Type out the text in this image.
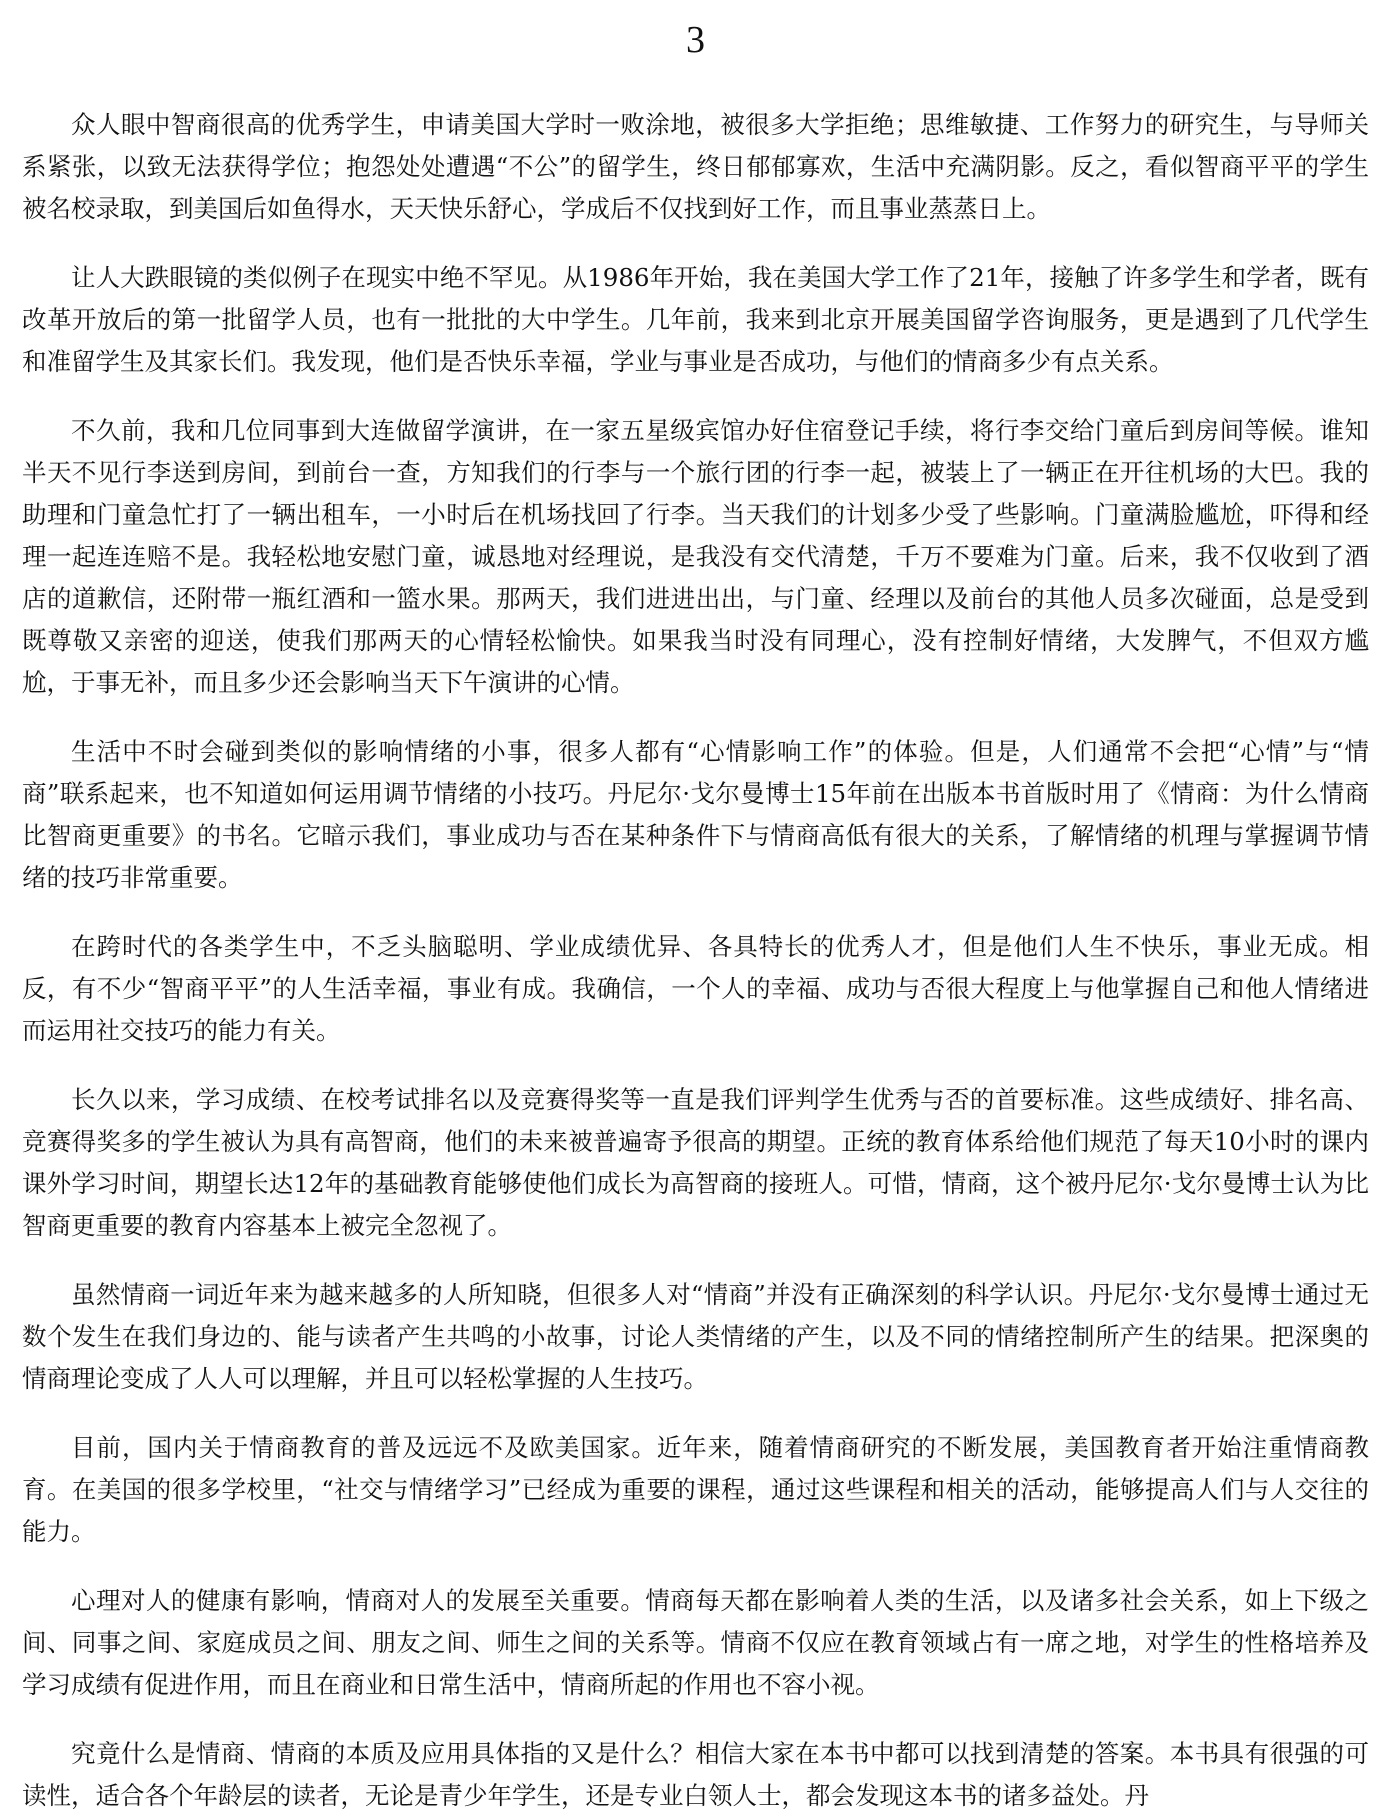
3

众人眼中智商很高的优秀学生，申请美国大学时一败涂地，被很多大学拒绝；思维敏捷、工作努力的研究生，与导师关系紧张，以致无法获得学位；抱怨处处遭遇“不公”的留学生，终日郁郁寡欢，生活中充满阴影。反之，看似智商平平的学生被名校录取，到美国后如鱼得水，天天快乐舒心，学成后不仅找到好工作，而且事业蒸蒸日上。

让人大跌眼镜的类似例子在现实中绝不罕见。从1986年开始，我在美国大学工作了21年，接触了许多学生和学者，既有改革开放后的第一批留学人员，也有一批批的大中学生。几年前，我来到北京开展美国留学咨询服务，更是遇到了几代学生和准留学生及其家长们。我发现，他们是否快乐幸福，学业与事业是否成功，与他们的情商多少有点关系。

不久前，我和几位同事到大连做留学演讲，在一家五星级宾馆办好住宿登记手续，将行李交给门童后到房间等候。谁知半天不见行李送到房间，到前台一查，方知我们的行李与一个旅行团的行李一起，被装上了一辆正在开往机场的大巴。我的助理和门童急忙打了一辆出租车，一小时后在机场找回了行李。当天我们的计划多少受了些影响。门童满脸尴尬，吓得和经理一起连连赔不是。我轻松地安慰门童，诚恳地对经理说，是我没有交代清楚，千万不要难为门童。后来，我不仅收到了酒店的道歉信，还附带一瓶红酒和一篮水果。那两天，我们进进出出，与门童、经理以及前台的其他人员多次碰面，总是受到既尊敬又亲密的迎送，使我们那两天的心情轻松愉快。如果我当时没有同理心，没有控制好情绪，大发脾气，不但双方尴尬，于事无补，而且多少还会影响当天下午演讲的心情。

生活中不时会碰到类似的影响情绪的小事，很多人都有“心情影响工作”的体验。但是，人们通常不会把“心情”与“情商”联系起来，也不知道如何运用调节情绪的小技巧。丹尼尔·戈尔曼博士15年前在出版本书首版时用了《情商：为什么情商比智商更重要》的书名。它暗示我们，事业成功与否在某种条件下与情商高低有很大的关系，了解情绪的机理与掌握调节情绪的技巧非常重要。

在跨时代的各类学生中，不乏头脑聪明、学业成绩优异、各具特长的优秀人才，但是他们人生不快乐，事业无成。相反，有不少“智商平平”的人生活幸福，事业有成。我确信，一个人的幸福、成功与否很大程度上与他掌握自己和他人情绪进而运用社交技巧的能力有关。

长久以来，学习成绩、在校考试排名以及竞赛得奖等一直是我们评判学生优秀与否的首要标准。这些成绩好、排名高、竞赛得奖多的学生被认为具有高智商，他们的未来被普遍寄予很高的期望。正统的教育体系给他们规范了每天10小时的课内课外学习时间，期望长达12年的基础教育能够使他们成长为高智商的接班人。可惜，情商，这个被丹尼尔·戈尔曼博士认为比智商更重要的教育内容基本上被完全忽视了。

虽然情商一词近年来为越来越多的人所知晓，但很多人对“情商”并没有正确深刻的科学认识。丹尼尔·戈尔曼博士通过无数个发生在我们身边的、能与读者产生共鸣的小故事，讨论人类情绪的产生，以及不同的情绪控制所产生的结果。把深奥的情商理论变成了人人可以理解，并且可以轻松掌握的人生技巧。

目前，国内关于情商教育的普及远远不及欧美国家。近年来，随着情商研究的不断发展，美国教育者开始注重情商教育。在美国的很多学校里，“社交与情绪学习”已经成为重要的课程，通过这些课程和相关的活动，能够提高人们与人交往的能力。

心理对人的健康有影响，情商对人的发展至关重要。情商每天都在影响着人类的生活，以及诸多社会关系，如上下级之间、同事之间、家庭成员之间、朋友之间、师生之间的关系等。情商不仅应在教育领域占有一席之地，对学生的性格培养及学习成绩有促进作用，而且在商业和日常生活中，情商所起的作用也不容小视。

究竟什么是情商、情商的本质及应用具体指的又是什么？相信大家在本书中都可以找到清楚的答案。本书具有很强的可读性，适合各个年龄层的读者，无论是青少年学生，还是专业白领人士，都会发现这本书的诸多益处。丹
